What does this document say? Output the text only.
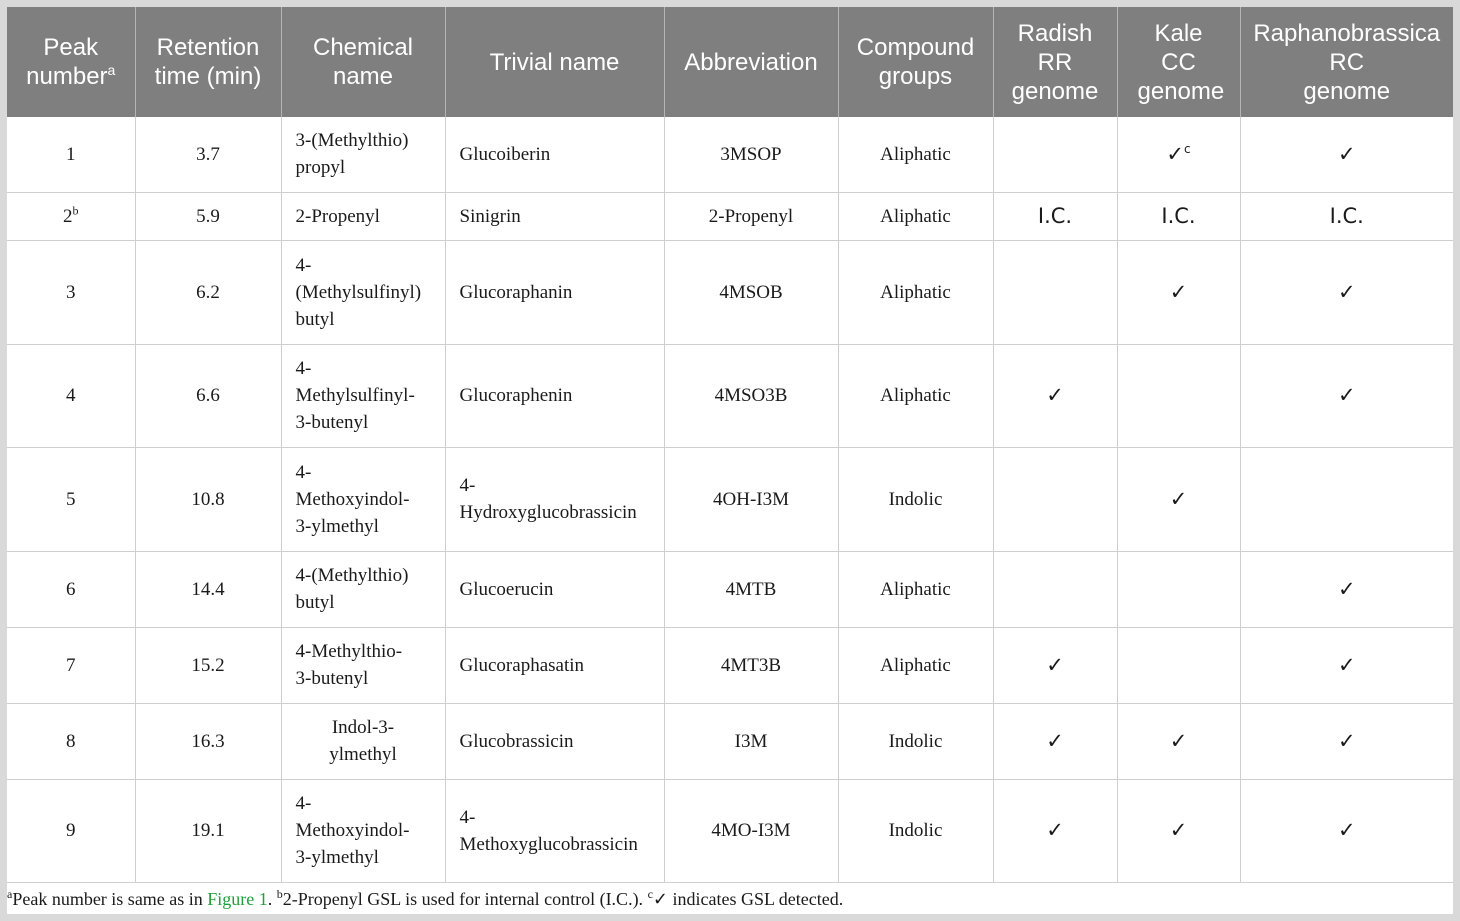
Peak
number$^a$	Retention
time (min)	Chemical
name	Trivial name	Abbreviation	Compound
groups	Radish
RR
genome	Kale
CC
genome	Raphanobrassica
RC
genome
1	3.7	3-(Methylthio)
propyl	Glucoiberin	3MSOP	Aliphatic		✓$^c$	✓
2$^b$	5.9	2-Propenyl	Sinigrin	2-Propenyl	Aliphatic	I.C.	I.C.	I.C.
3	6.2	4-
(Methylsulfinyl)
butyl	Glucoraphanin	4MSOB	Aliphatic		✓	✓
4	6.6	4-
Methylsulfinyl-
3-butenyl	Glucoraphenin	4MSO3B	Aliphatic	✓		✓
5	10.8	4-
Methoxyindol-
3-ylmethyl	4-
Hydroxyglucobrassicin	4OH-I3M	Indolic		✓	
6	14.4	4-(Methylthio)
butyl	Glucoerucin	4MTB	Aliphatic			✓
7	15.2	4-Methylthio-
3-butenyl	Glucoraphasatin	4MT3B	Aliphatic	✓		✓
8	16.3	Indol-3-
ylmethyl	Glucobrassicin	I3M	Indolic	✓	✓	✓
9	19.1	4-
Methoxyindol-
3-ylmethyl	4-
Methoxyglucobrassicin	4MO-I3M	Indolic	✓	✓	✓
$^a$Peak number is same as in Figure 1. $^b$2-Propenyl GSL is used for internal control (I.C.). $^c$✓ indicates GSL detected.
